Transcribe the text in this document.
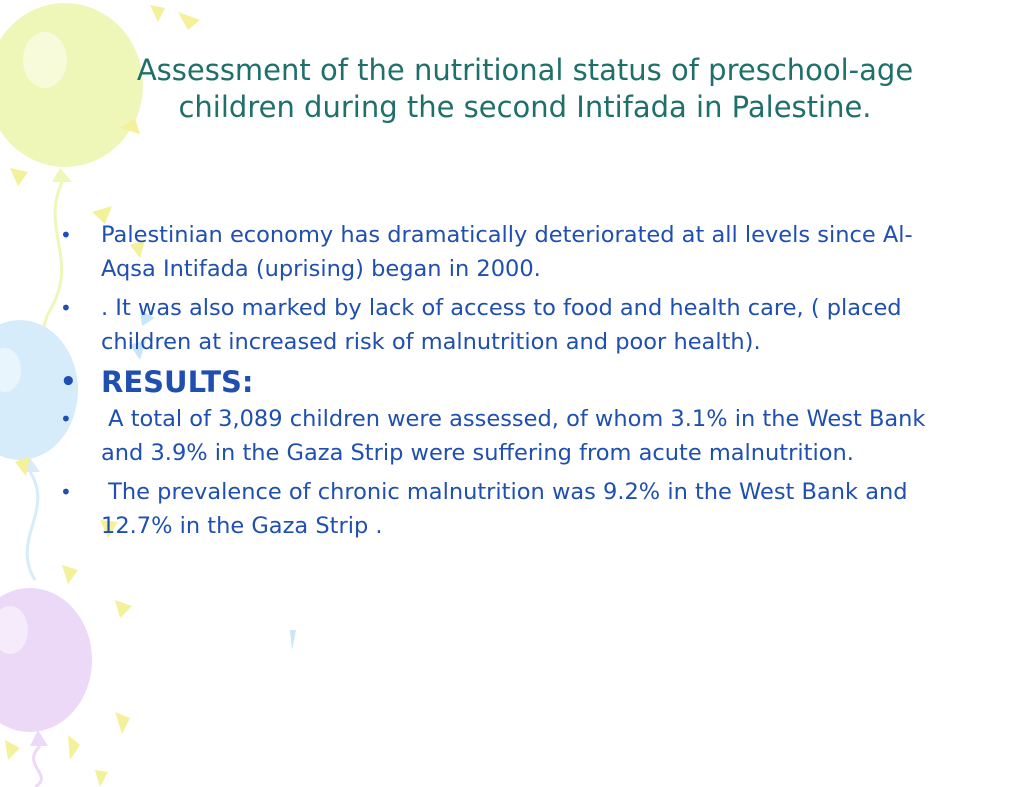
Assessment of the nutritional status of preschool-age children during the second Intifada in Palestine.
• Palestinian economy has dramatically deteriorated at all levels since Al-Aqsa Intifada (uprising) began in 2000.
• . It was also marked by lack of access to food and health care, ( placed children at increased risk of malnutrition and poor health).
• RESULTS:
• A total of 3,089 children were assessed, of whom 3.1% in the West Bank and 3.9% in the Gaza Strip were suffering from acute malnutrition.
• The prevalence of chronic malnutrition was 9.2% in the West Bank and 12.7% in the Gaza Strip .
